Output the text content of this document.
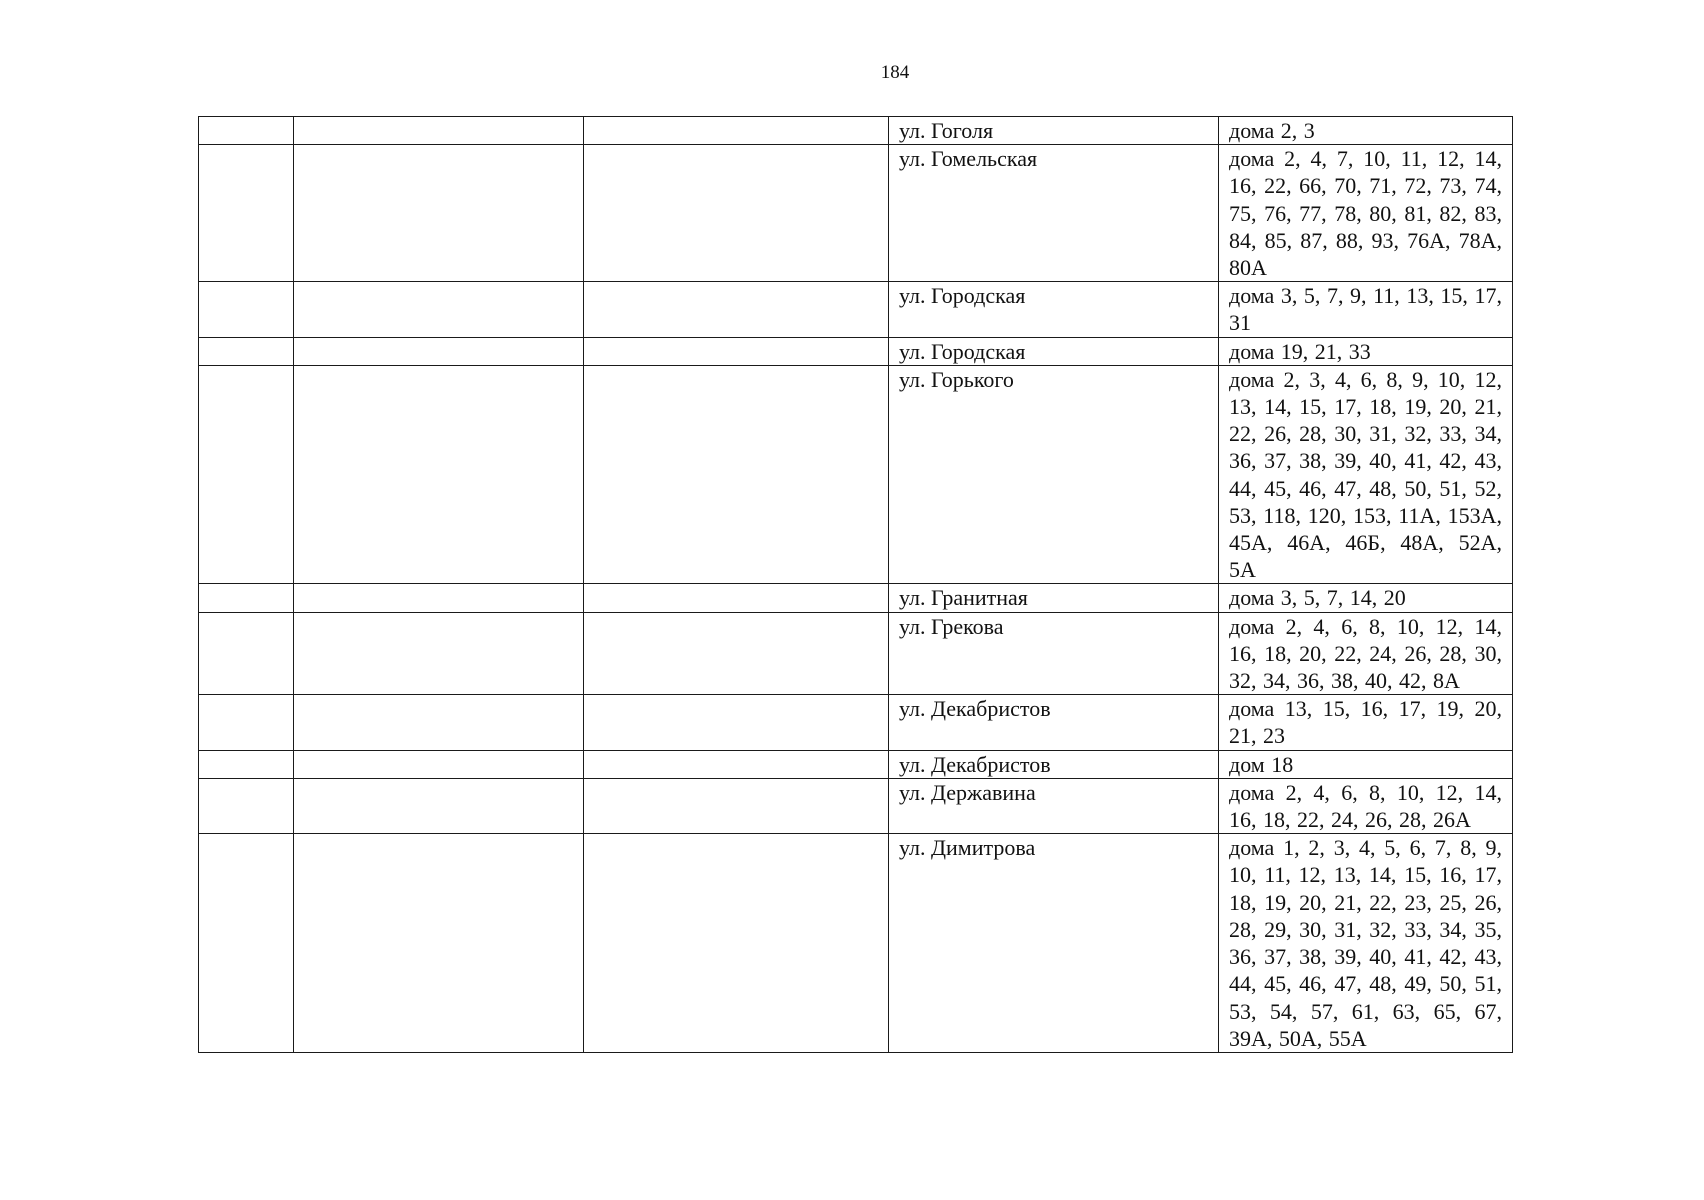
184
			ул. Гоголя	дома 2, 3
			ул. Гомельская	дома 2, 4, 7, 10, 11, 12, 14, 16, 22, 66, 70, 71, 72, 73, 74, 75, 76, 77, 78, 80, 81, 82, 83, 84, 85, 87, 88, 93, 76А, 78А, 80А
			ул. Городская	дома 3, 5, 7, 9, 11, 13, 15, 17, 31
			ул. Городская	дома 19, 21, 33
			ул. Горького	дома 2, 3, 4, 6, 8, 9, 10, 12, 13, 14, 15, 17, 18, 19, 20, 21, 22, 26, 28, 30, 31, 32, 33, 34, 36, 37, 38, 39, 40, 41, 42, 43, 44, 45, 46, 47, 48, 50, 51, 52, 53, 118, 120, 153, 11А, 153А, 45А, 46А, 46Б, 48А, 52А, 5А
			ул. Гранитная	дома 3, 5, 7, 14, 20
			ул. Грекова	дома 2, 4, 6, 8, 10, 12, 14, 16, 18, 20, 22, 24, 26, 28, 30, 32, 34, 36, 38, 40, 42, 8А
			ул. Декабристов	дома 13, 15, 16, 17, 19, 20, 21, 23
			ул. Декабристов	дом 18
			ул. Державина	дома 2, 4, 6, 8, 10, 12, 14, 16, 18, 22, 24, 26, 28, 26А
			ул. Димитрова	дома 1, 2, 3, 4, 5, 6, 7, 8, 9, 10, 11, 12, 13, 14, 15, 16, 17, 18, 19, 20, 21, 22, 23, 25, 26, 28, 29, 30, 31, 32, 33, 34, 35, 36, 37, 38, 39, 40, 41, 42, 43, 44, 45, 46, 47, 48, 49, 50, 51, 53, 54, 57, 61, 63, 65, 67, 39А, 50А, 55А
